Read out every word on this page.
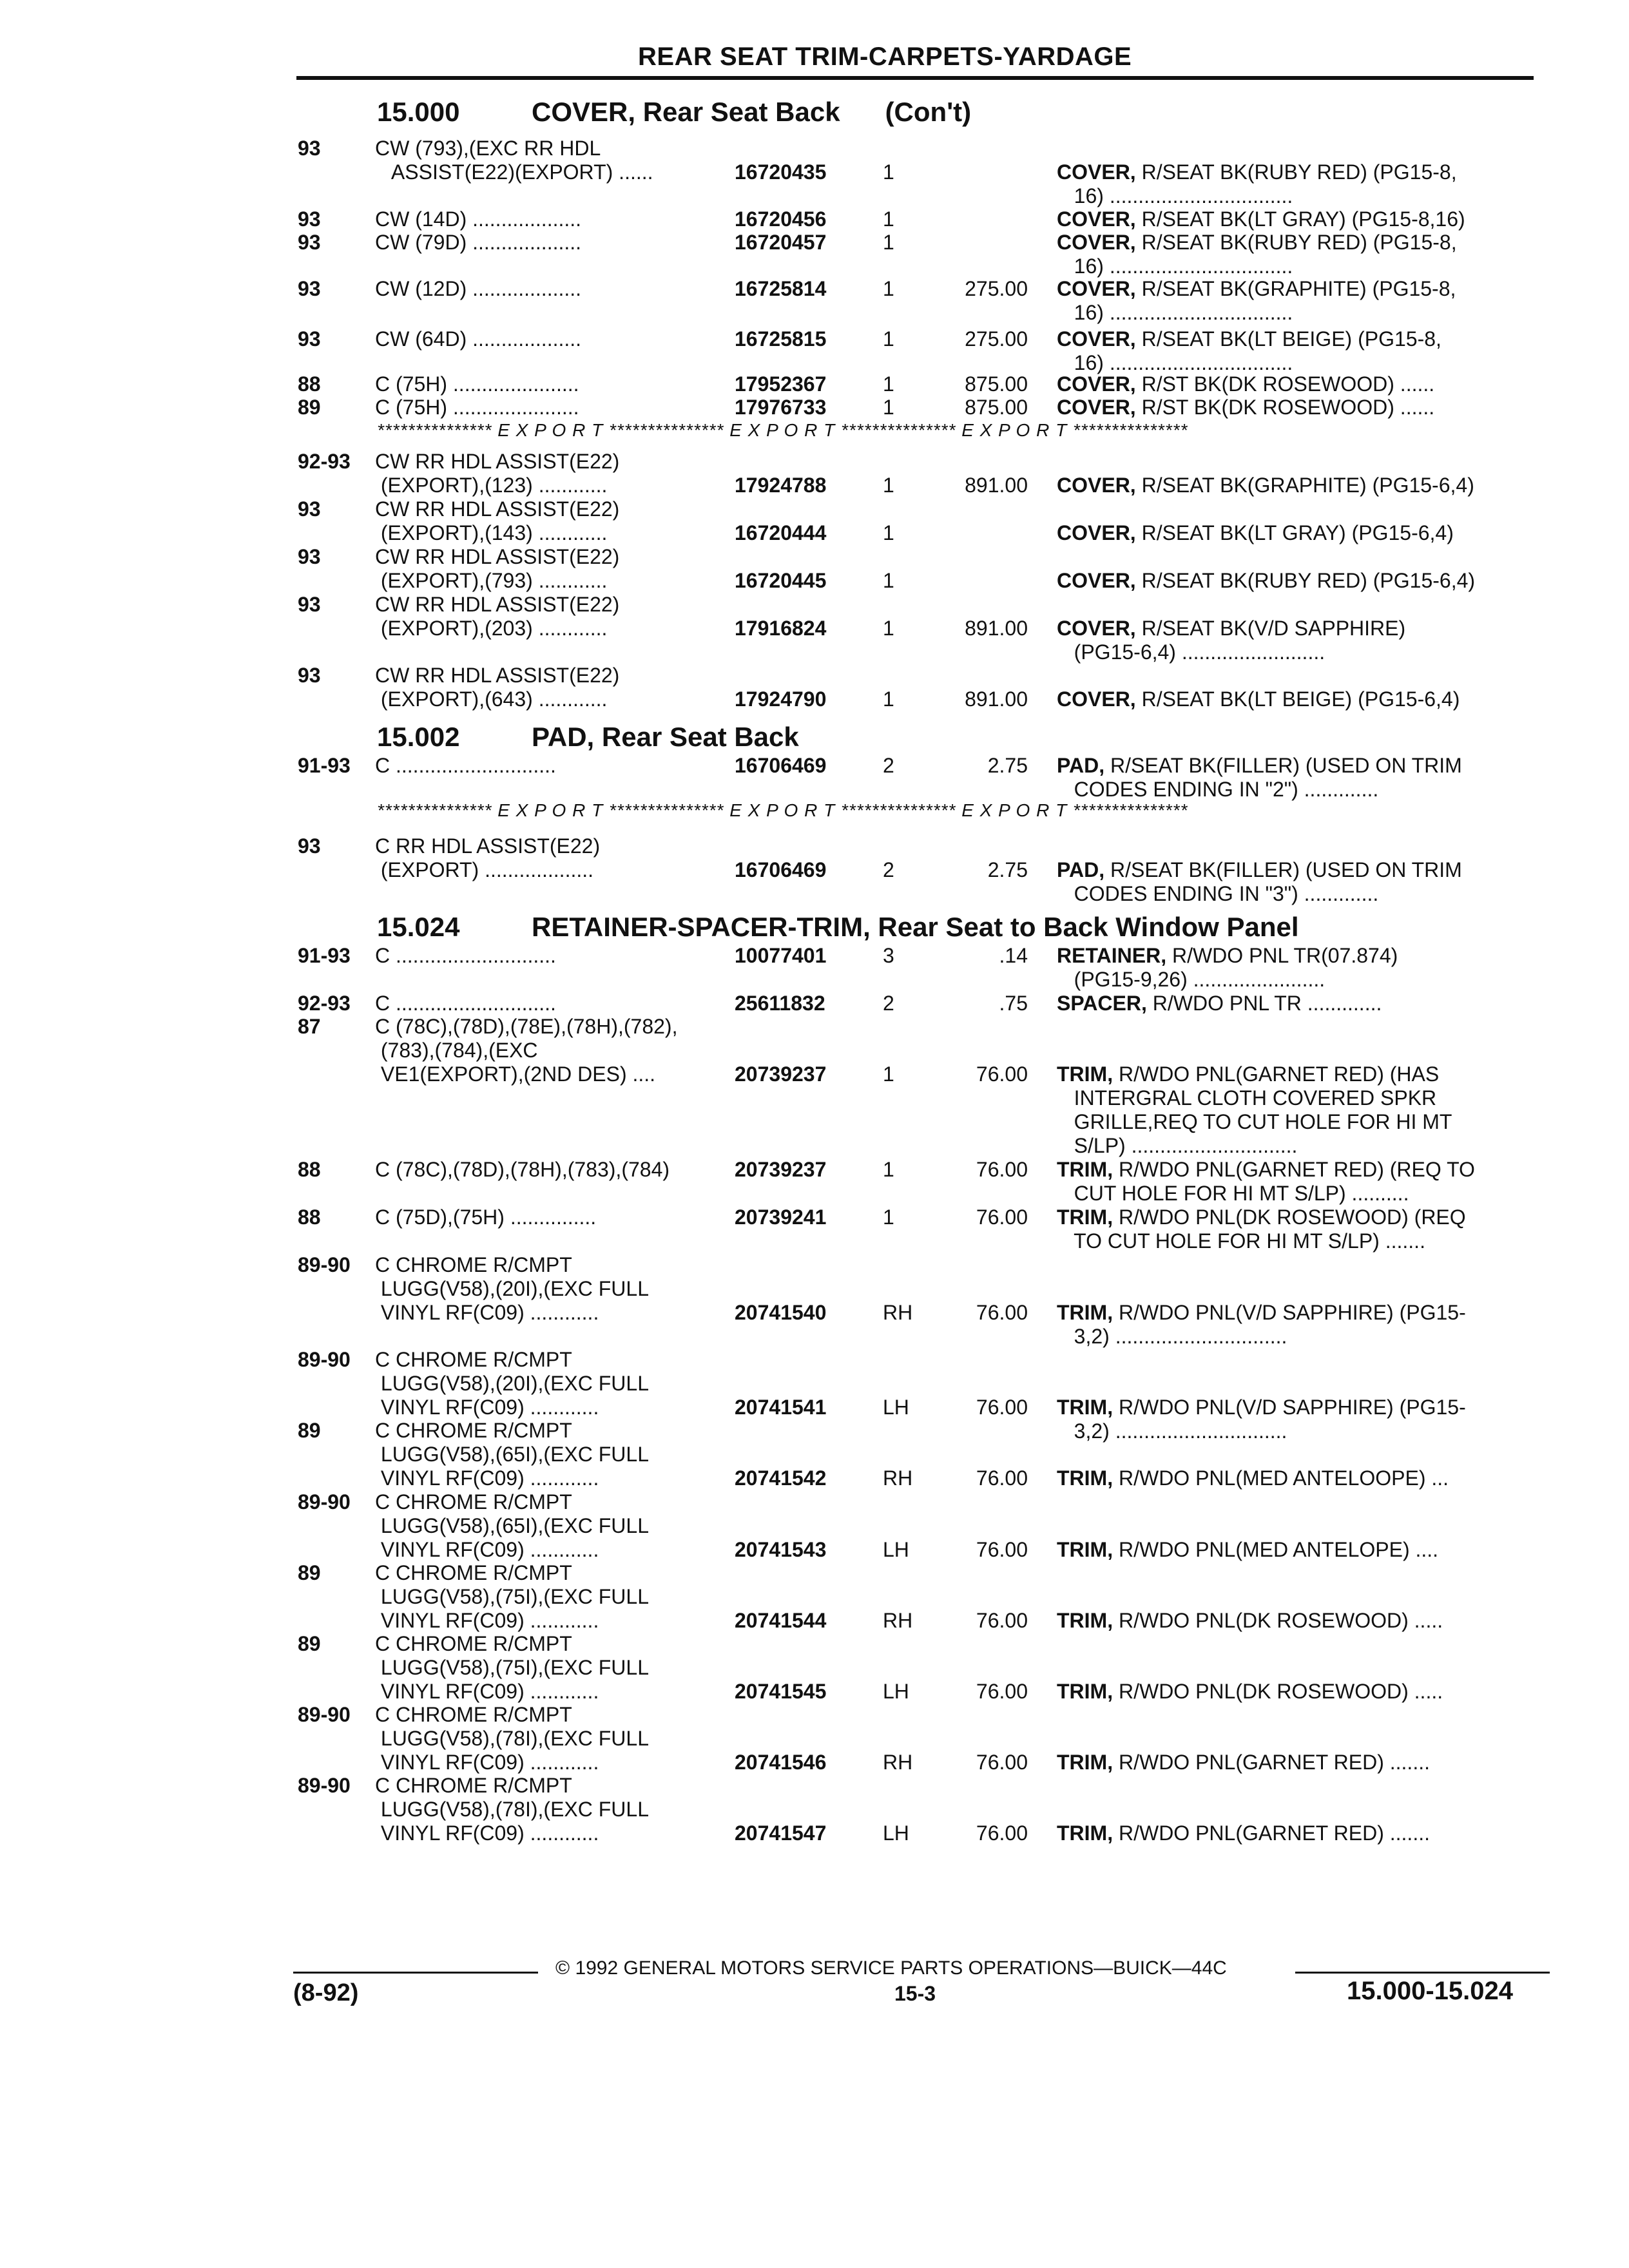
REAR SEAT TRIM-CARPETS-YARDAGE
15.000	COVER, Rear Seat Back (Con't)
15.002	PAD, Rear Seat Back
15.024	RETAINER-SPACER-TRIM, Rear Seat to Back Window Panel
*************** E X P O R T *************** E X P O R T *************** E X P O R T ***************
*************** E X P O R T *************** E X P O R T *************** E X P O R T ***************
93	CW (793),(EXC RR HDL
ASSIST(E22)(EXPORT) ......	16720435	1	COVER, R/SEAT BK(RUBY RED) (PG15-8,
16) ................................
93	CW (14D) ...................	16720456	1	COVER, R/SEAT BK(LT GRAY) (PG15-8,16)
93	CW (79D) ...................	16720457	1	COVER, R/SEAT BK(RUBY RED) (PG15-8,
16) ................................
93	CW (12D) ...................	16725814	1	275.00 COVER, R/SEAT BK(GRAPHITE) (PG15-8,
16) ................................
93	CW (64D) ...................	16725815	1	275.00 COVER, R/SEAT BK(LT BEIGE) (PG15-8,
16) ................................
88	C (75H) ......................	17952367	1	875.00 COVER, R/ST BK(DK ROSEWOOD) ......
89	C (75H) ......................	17976733	1	875.00 COVER, R/ST BK(DK ROSEWOOD) ......
92-93 CW RR HDL ASSIST(E22)
(EXPORT),(123) ............	17924788	1	891.00 COVER, R/SEAT BK(GRAPHITE) (PG15-6,4)
93	CW RR HDL ASSIST(E22)
(EXPORT),(143) ............	16720444	1	COVER, R/SEAT BK(LT GRAY) (PG15-6,4)
93	CW RR HDL ASSIST(E22)
(EXPORT),(793) ............	16720445	1	COVER, R/SEAT BK(RUBY RED) (PG15-6,4)
93	CW RR HDL ASSIST(E22)
(EXPORT),(203) ............	17916824	1	891.00 COVER, R/SEAT BK(V/D SAPPHIRE)
(PG15-6,4) .........................
93	CW RR HDL ASSIST(E22)
(EXPORT),(643) ............	17924790	1	891.00 COVER, R/SEAT BK(LT BEIGE) (PG15-6,4)
91-93 C ............................	16706469	2	2.75 PAD, R/SEAT BK(FILLER) (USED ON TRIM
CODES ENDING IN "2") .............
93	C RR HDL ASSIST(E22)
(EXPORT) ...................	16706469	2	2.75 PAD, R/SEAT BK(FILLER) (USED ON TRIM
CODES ENDING IN "3") .............
91-93 C ............................	10077401	3	.14 RETAINER, R/WDO PNL TR(07.874)
(PG15-9,26) .......................
92-93 C ............................	25611832	2	.75 SPACER, R/WDO PNL TR .............
87	C (78C),(78D),(78E),(78H),(782),
(783),(784),(EXC
VE1(EXPORT),(2ND DES) ....	20739237	1	76.00 TRIM, R/WDO PNL(GARNET RED) (HAS
INTERGRAL CLOTH COVERED SPKR
GRILLE,REQ TO CUT HOLE FOR HI MT
S/LP) .............................
88	C (78C),(78D),(78H),(783),(784)	20739237	1	76.00 TRIM, R/WDO PNL(GARNET RED) (REQ TO
CUT HOLE FOR HI MT S/LP) ..........
88	C (75D),(75H) ...............	20739241	1	76.00 TRIM, R/WDO PNL(DK ROSEWOOD) (REQ
TO CUT HOLE FOR HI MT S/LP) .......
89-90 C CHROME R/CMPT
LUGG(V58),(20I),(EXC FULL
VINYL RF(C09) ............	20741540	RH	76.00 TRIM, R/WDO PNL(V/D SAPPHIRE) (PG15-
3,2) ..............................
89-90 C CHROME R/CMPT
LUGG(V58),(20I),(EXC FULL
VINYL RF(C09) ............	20741541	LH	76.00 TRIM, R/WDO PNL(V/D SAPPHIRE) (PG15-
3,2) ..............................
89	C CHROME R/CMPT
LUGG(V58),(65I),(EXC FULL
VINYL RF(C09) ............	20741542	RH	76.00 TRIM, R/WDO PNL(MED ANTELOOPE) ...
89-90 C CHROME R/CMPT
LUGG(V58),(65I),(EXC FULL
VINYL RF(C09) ............	20741543	LH	76.00 TRIM, R/WDO PNL(MED ANTELOPE) ....
89	C CHROME R/CMPT
LUGG(V58),(75I),(EXC FULL
VINYL RF(C09) ............	20741544	RH	76.00 TRIM, R/WDO PNL(DK ROSEWOOD) .....
89	C CHROME R/CMPT
LUGG(V58),(75I),(EXC FULL
VINYL RF(C09) ............	20741545	LH	76.00 TRIM, R/WDO PNL(DK ROSEWOOD) .....
89-90 C CHROME R/CMPT
LUGG(V58),(78I),(EXC FULL
VINYL RF(C09) ............	20741546	RH	76.00 TRIM, R/WDO PNL(GARNET RED) .......
89-90 C CHROME R/CMPT
LUGG(V58),(78I),(EXC FULL
VINYL RF(C09) ............	20741547	LH	76.00 TRIM, R/WDO PNL(GARNET RED) .......
© 1992 GENERAL MOTORS SERVICE PARTS OPERATIONS—BUICK—44C
(8-92)	15-3	15.000-15.024
